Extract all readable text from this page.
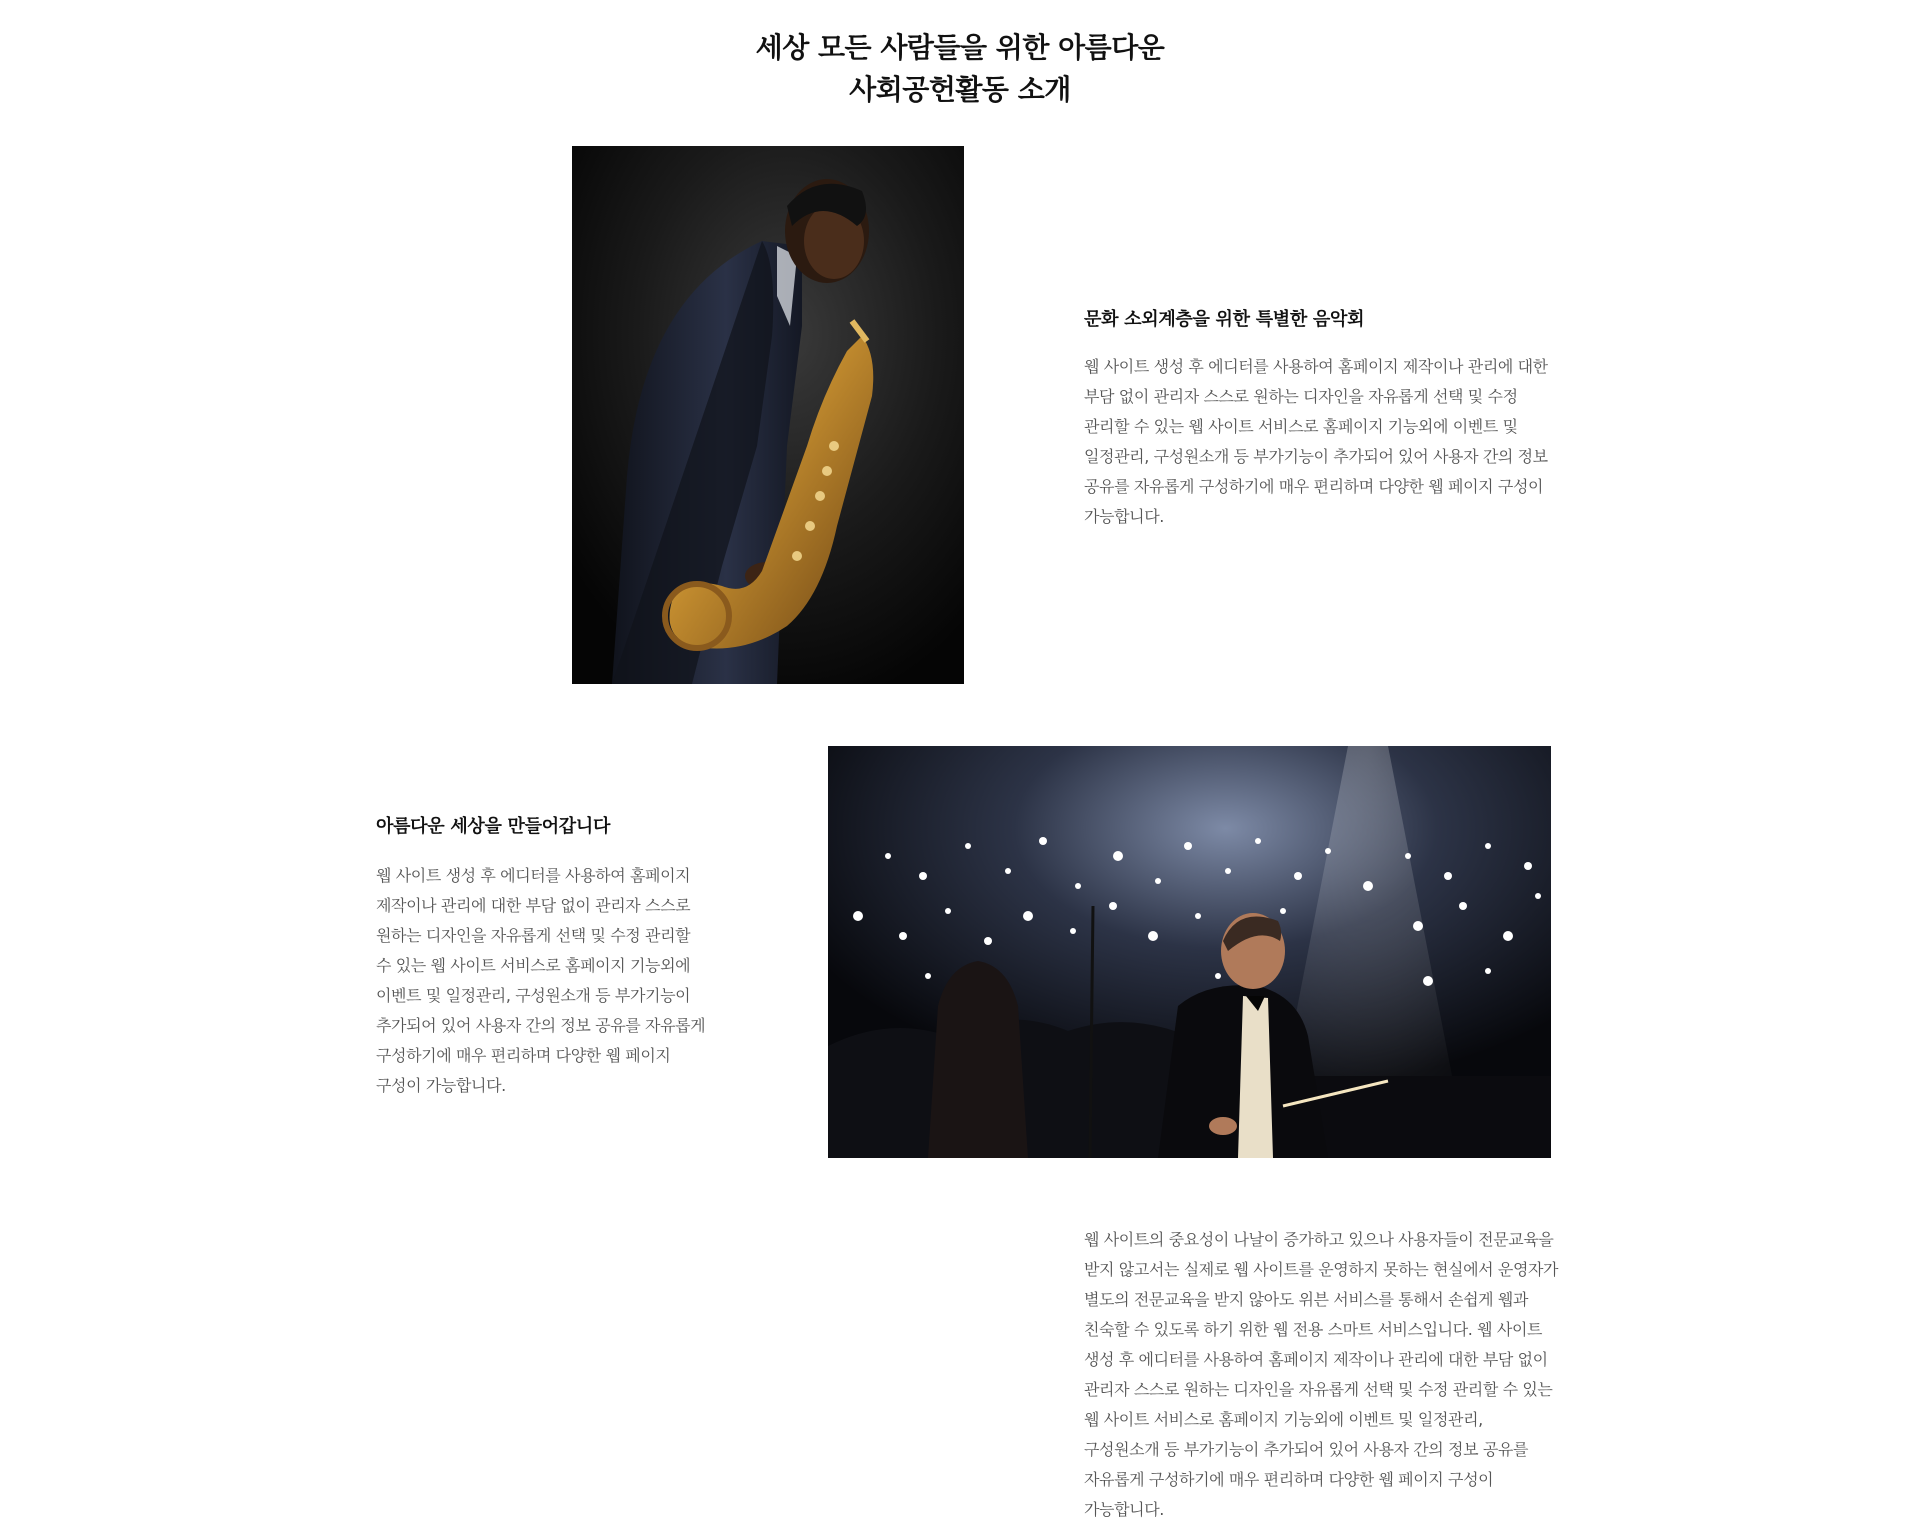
세상 모든 사람들을 위한 아름다운
사회공헌활동 소개
문화 소외계층을 위한 특별한 음악회
웹 사이트 생성 후 에디터를 사용하여 홈페이지 제작이나 관리에 대한 부담 없이 관리자 스스로 원하는 디자인을 자유롭게 선택 및 수정 관리할 수 있는 웹 사이트 서비스로 홈페이지 기능외에 이벤트 및 일정관리, 구성원소개 등 부가기능이 추가되어 있어 사용자 간의 정보 공유를 자유롭게 구성하기에 매우 편리하며 다양한 웹 페이지 구성이 가능합니다.
아름다운 세상을 만들어갑니다
웹 사이트 생성 후 에디터를 사용하여 홈페이지 제작이나 관리에 대한 부담 없이 관리자 스스로 원하는 디자인을 자유롭게 선택 및 수정 관리할 수 있는 웹 사이트 서비스로 홈페이지 기능외에 이벤트 및 일정관리, 구성원소개 등 부가기능이 추가되어 있어 사용자 간의 정보 공유를 자유롭게 구성하기에 매우 편리하며 다양한 웹 페이지 구성이 가능합니다.
웹 사이트의 중요성이 나날이 증가하고 있으나 사용자들이 전문교육을 받지 않고서는 실제로 웹 사이트를 운영하지 못하는 현실에서 운영자가 별도의 전문교육을 받지 않아도 위븐 서비스를 통해서 손쉽게 웹과 친숙할 수 있도록 하기 위한 웹 전용 스마트 서비스입니다. 웹 사이트 생성 후 에디터를 사용하여 홈페이지 제작이나 관리에 대한 부담 없이 관리자 스스로 원하는 디자인을 자유롭게 선택 및 수정 관리할 수 있는 웹 사이트 서비스로 홈페이지 기능외에 이벤트 및 일정관리, 구성원소개 등 부가기능이 추가되어 있어 사용자 간의 정보 공유를 자유롭게 구성하기에 매우 편리하며 다양한 웹 페이지 구성이 가능합니다.
